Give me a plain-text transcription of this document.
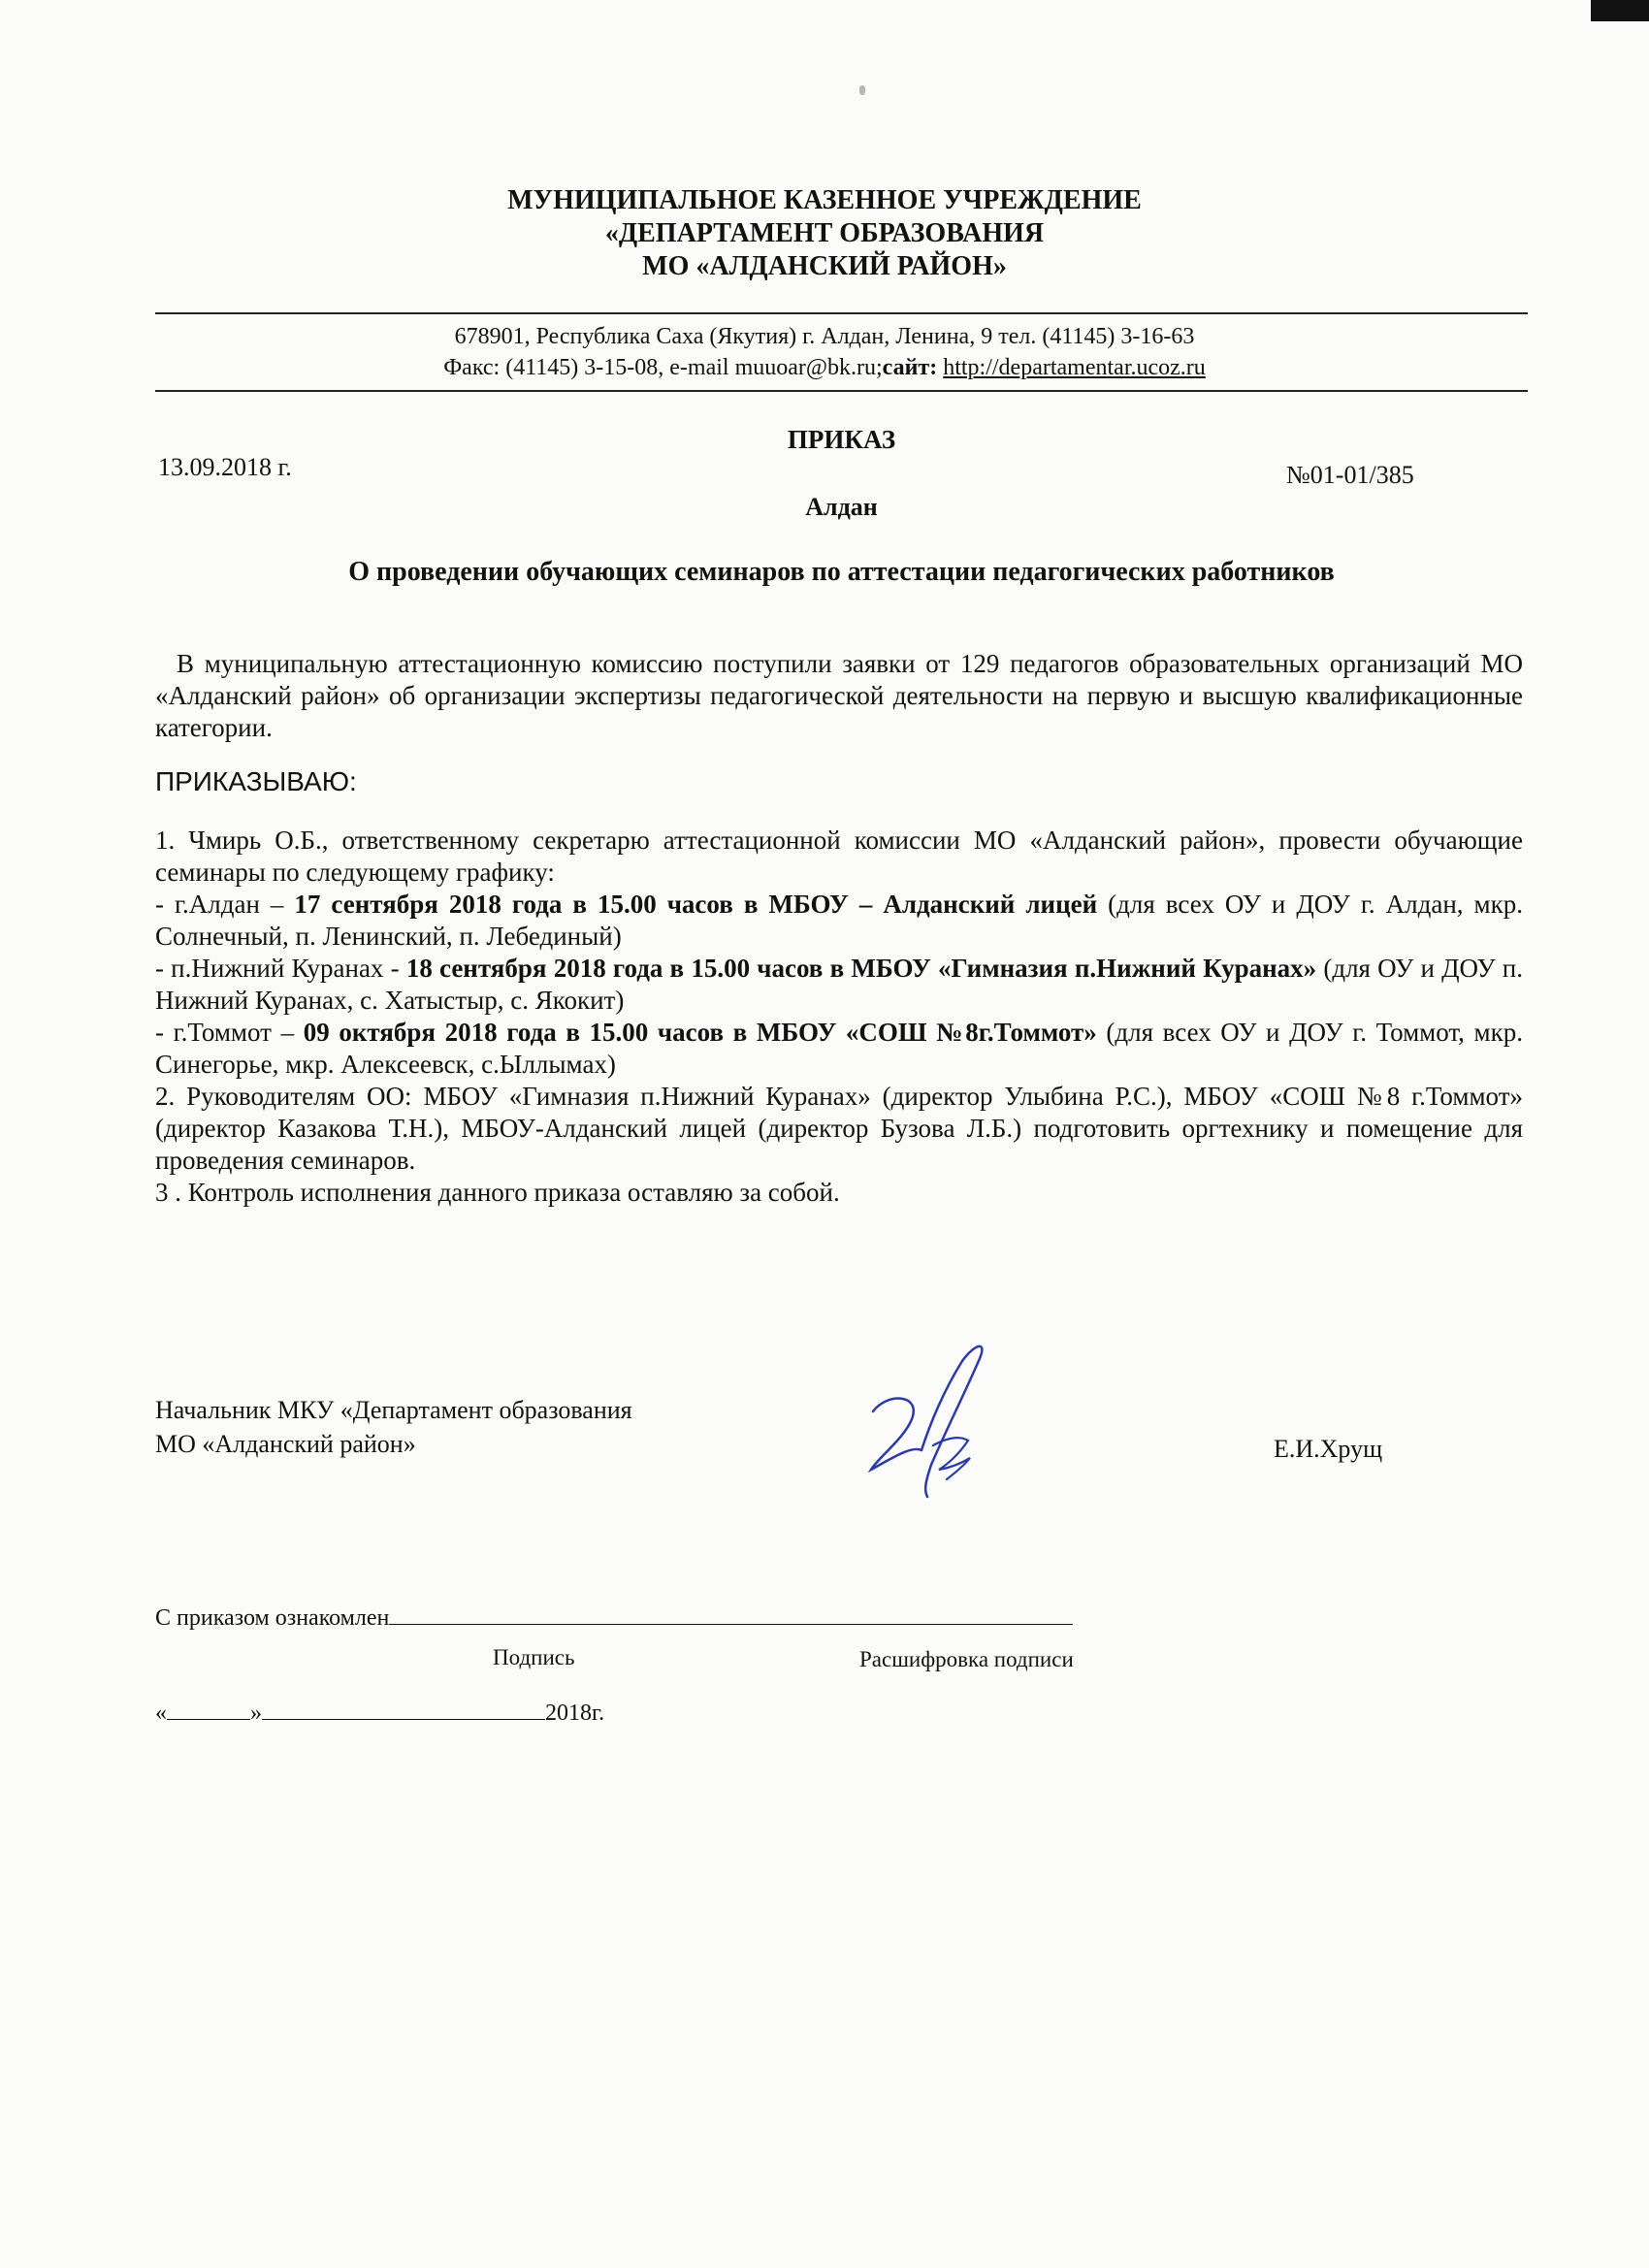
МУНИЦИПАЛЬНОЕ КАЗЕННОЕ УЧРЕЖДЕНИЕ
«ДЕПАРТАМЕНТ ОБРАЗОВАНИЯ
МО «АЛДАНСКИЙ РАЙОН»
678901, Республика Саха (Якутия) г. Алдан, Ленина, 9 тел. (41145) 3-16-63
Факс: (41145) 3-15-08, e-mail muuoar@bk.ru;сайт: http://departamentar.ucoz.ru
ПРИКАЗ
13.09.2018 г.	№01-01/385
Алдан
О проведении обучающих семинаров по аттестации педагогических работников

В муниципальную аттестационную комиссию поступили заявки от 129 педагогов образовательных организаций МО «Алданский район» об организации экспертизы педагогической деятельности на первую и высшую квалификационные категории.

ПРИКАЗЫВАЮ:

1. Чмирь О.Б., ответственному секретарю аттестационной комиссии МО «Алданский район», провести обучающие семинары по следующему графику:

- г.Алдан – 17 сентября 2018 года в 15.00 часов в МБОУ – Алданский лицей (для всех ОУ и ДОУ г. Алдан, мкр. Солнечный, п. Ленинский, п. Лебединый)

- п.Нижний Куранах - 18 сентября 2018 года в 15.00 часов в МБОУ «Гимназия п.Нижний Куранах» (для ОУ и ДОУ п. Нижний Куранах, с. Хатыстыр, с. Якокит)

- г.Томмот – 09 октября 2018 года в 15.00 часов в МБОУ «СОШ №8г.Томмот» (для всех ОУ и ДОУ г. Томмот, мкр. Синегорье, мкр. Алексеевск, с.Ыллымах)

2. Руководителям ОО: МБОУ «Гимназия п.Нижний Куранах» (директор Улыбина Р.С.), МБОУ «СОШ №8 г.Томмот» (директор Казакова Т.Н.), МБОУ-Алданский лицей (директор Бузова Л.Б.) подготовить оргтехнику и помещение для проведения семинаров.

3 . Контроль исполнения данного приказа оставляю за собой.

Начальник МКУ «Департамент образования
МО «Алданский район»	Е.И.Хрущ
С приказом ознакомлен
Подпись	Расшифровка подписи
«	»	2018г.
